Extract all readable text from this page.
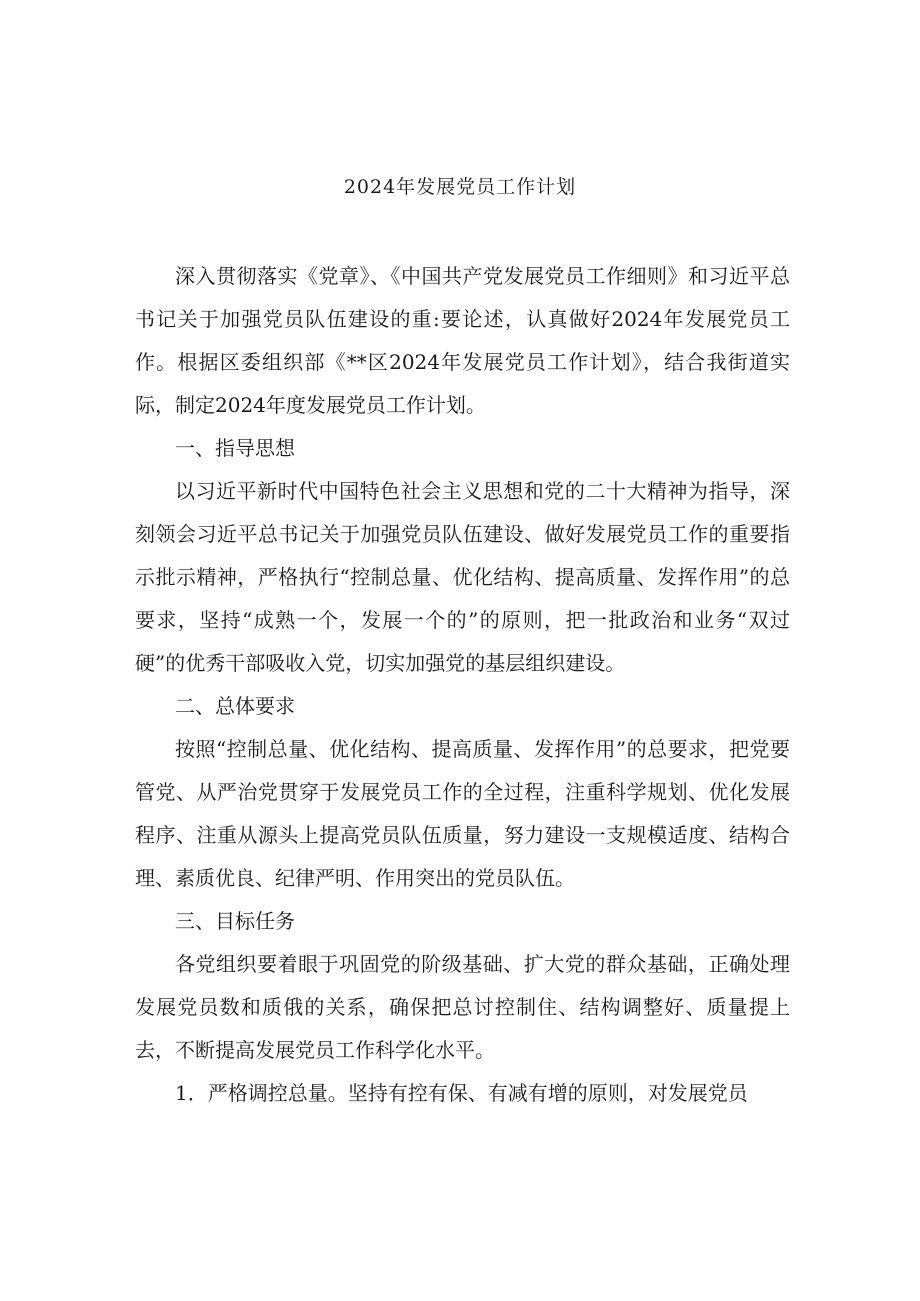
2024年发展党员工作计划

深入贯彻落实《党章》、《中国共产党发展党员工作细则》和习近平总书记关于加强党员队伍建设的重:要论述，认真做好2024年发展党员工作。根据区委组织部《**区2024年发展党员工作计划》，结合我街道实际，制定2024年度发展党员工作计划。

一、指导思想

以习近平新时代中国特色社会主义思想和党的二十大精神为指导，深刻领会习近平总书记关于加强党员队伍建设、做好发展党员工作的重要指示批示精神，严格执行“控制总量、优化结构、提高质量、发挥作用”的总要求，坚持“成熟一个，发展一个的”的原则，把一批政治和业务“双过硬”的优秀干部吸收入党，切实加强党的基层组织建设。

二、总体要求

按照“控制总量、优化结构、提高质量、发挥作用”的总要求，把党要管党、从严治党贯穿于发展党员工作的全过程，注重科学规划、优化发展程序、注重从源头上提高党员队伍质量，努力建设一支规模适度、结构合理、素质优良、纪律严明、作用突出的党员队伍。

三、目标任务

各党组织要着眼于巩固党的阶级基础、扩大党的群众基础，正确处理发展党员数和质俄的关系，确保把总讨控制住、结构调整好、质量提上去，不断提高发展党员工作科学化水平。

1．严格调控总量。坚持有控有保、有减有增的原则，对发展党员
